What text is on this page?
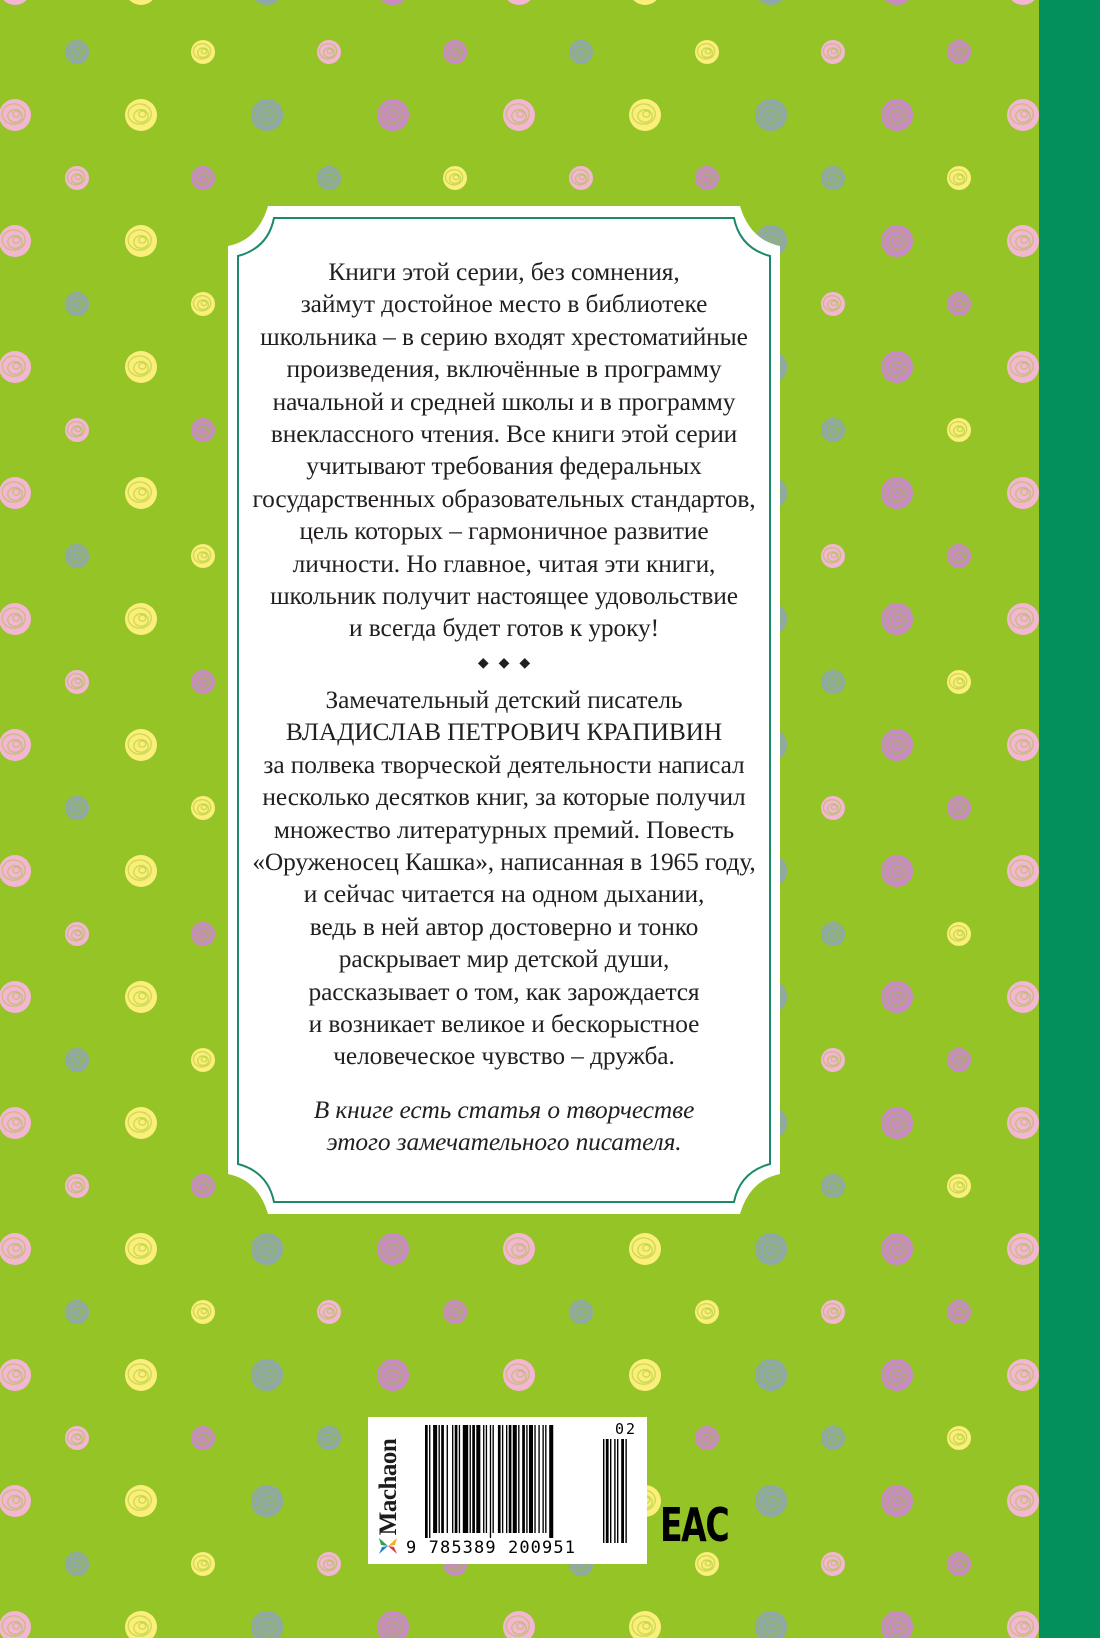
Книги этой серии, без сомнения,
займут достойное место в библиотеке
школьника – в серию входят хрестоматийные
произведения, включённые в программу
начальной и средней школы и в программу
внеклассного чтения. Все книги этой серии
учитывают требования федеральных
государственных образовательных стандартов,
цель которых – гармоничное развитие
личности. Но главное, читая эти книги,
школьник получит настоящее удовольствие
и всегда будет готов к уроку!
◆◆◆
Замечательный детский писатель
ВЛАДИСЛАВ ПЕТРОВИЧ КРАПИВИН
за полвека творческой деятельности написал
несколько десятков книг, за которые получил
множество литературных премий. Повесть
«Оруженосец Кашка», написанная в 1965 году,
и сейчас читается на одном дыхании,
ведь в ней автор достоверно и тонко
раскрывает мир детской души,
рассказывает о том, как зарождается
и возникает великое и бескорыстное
человеческое чувство – дружба.
В книге есть статья о творчестве
этого замечательного писателя.
Machaon
02
9 785389 200951 EAC
